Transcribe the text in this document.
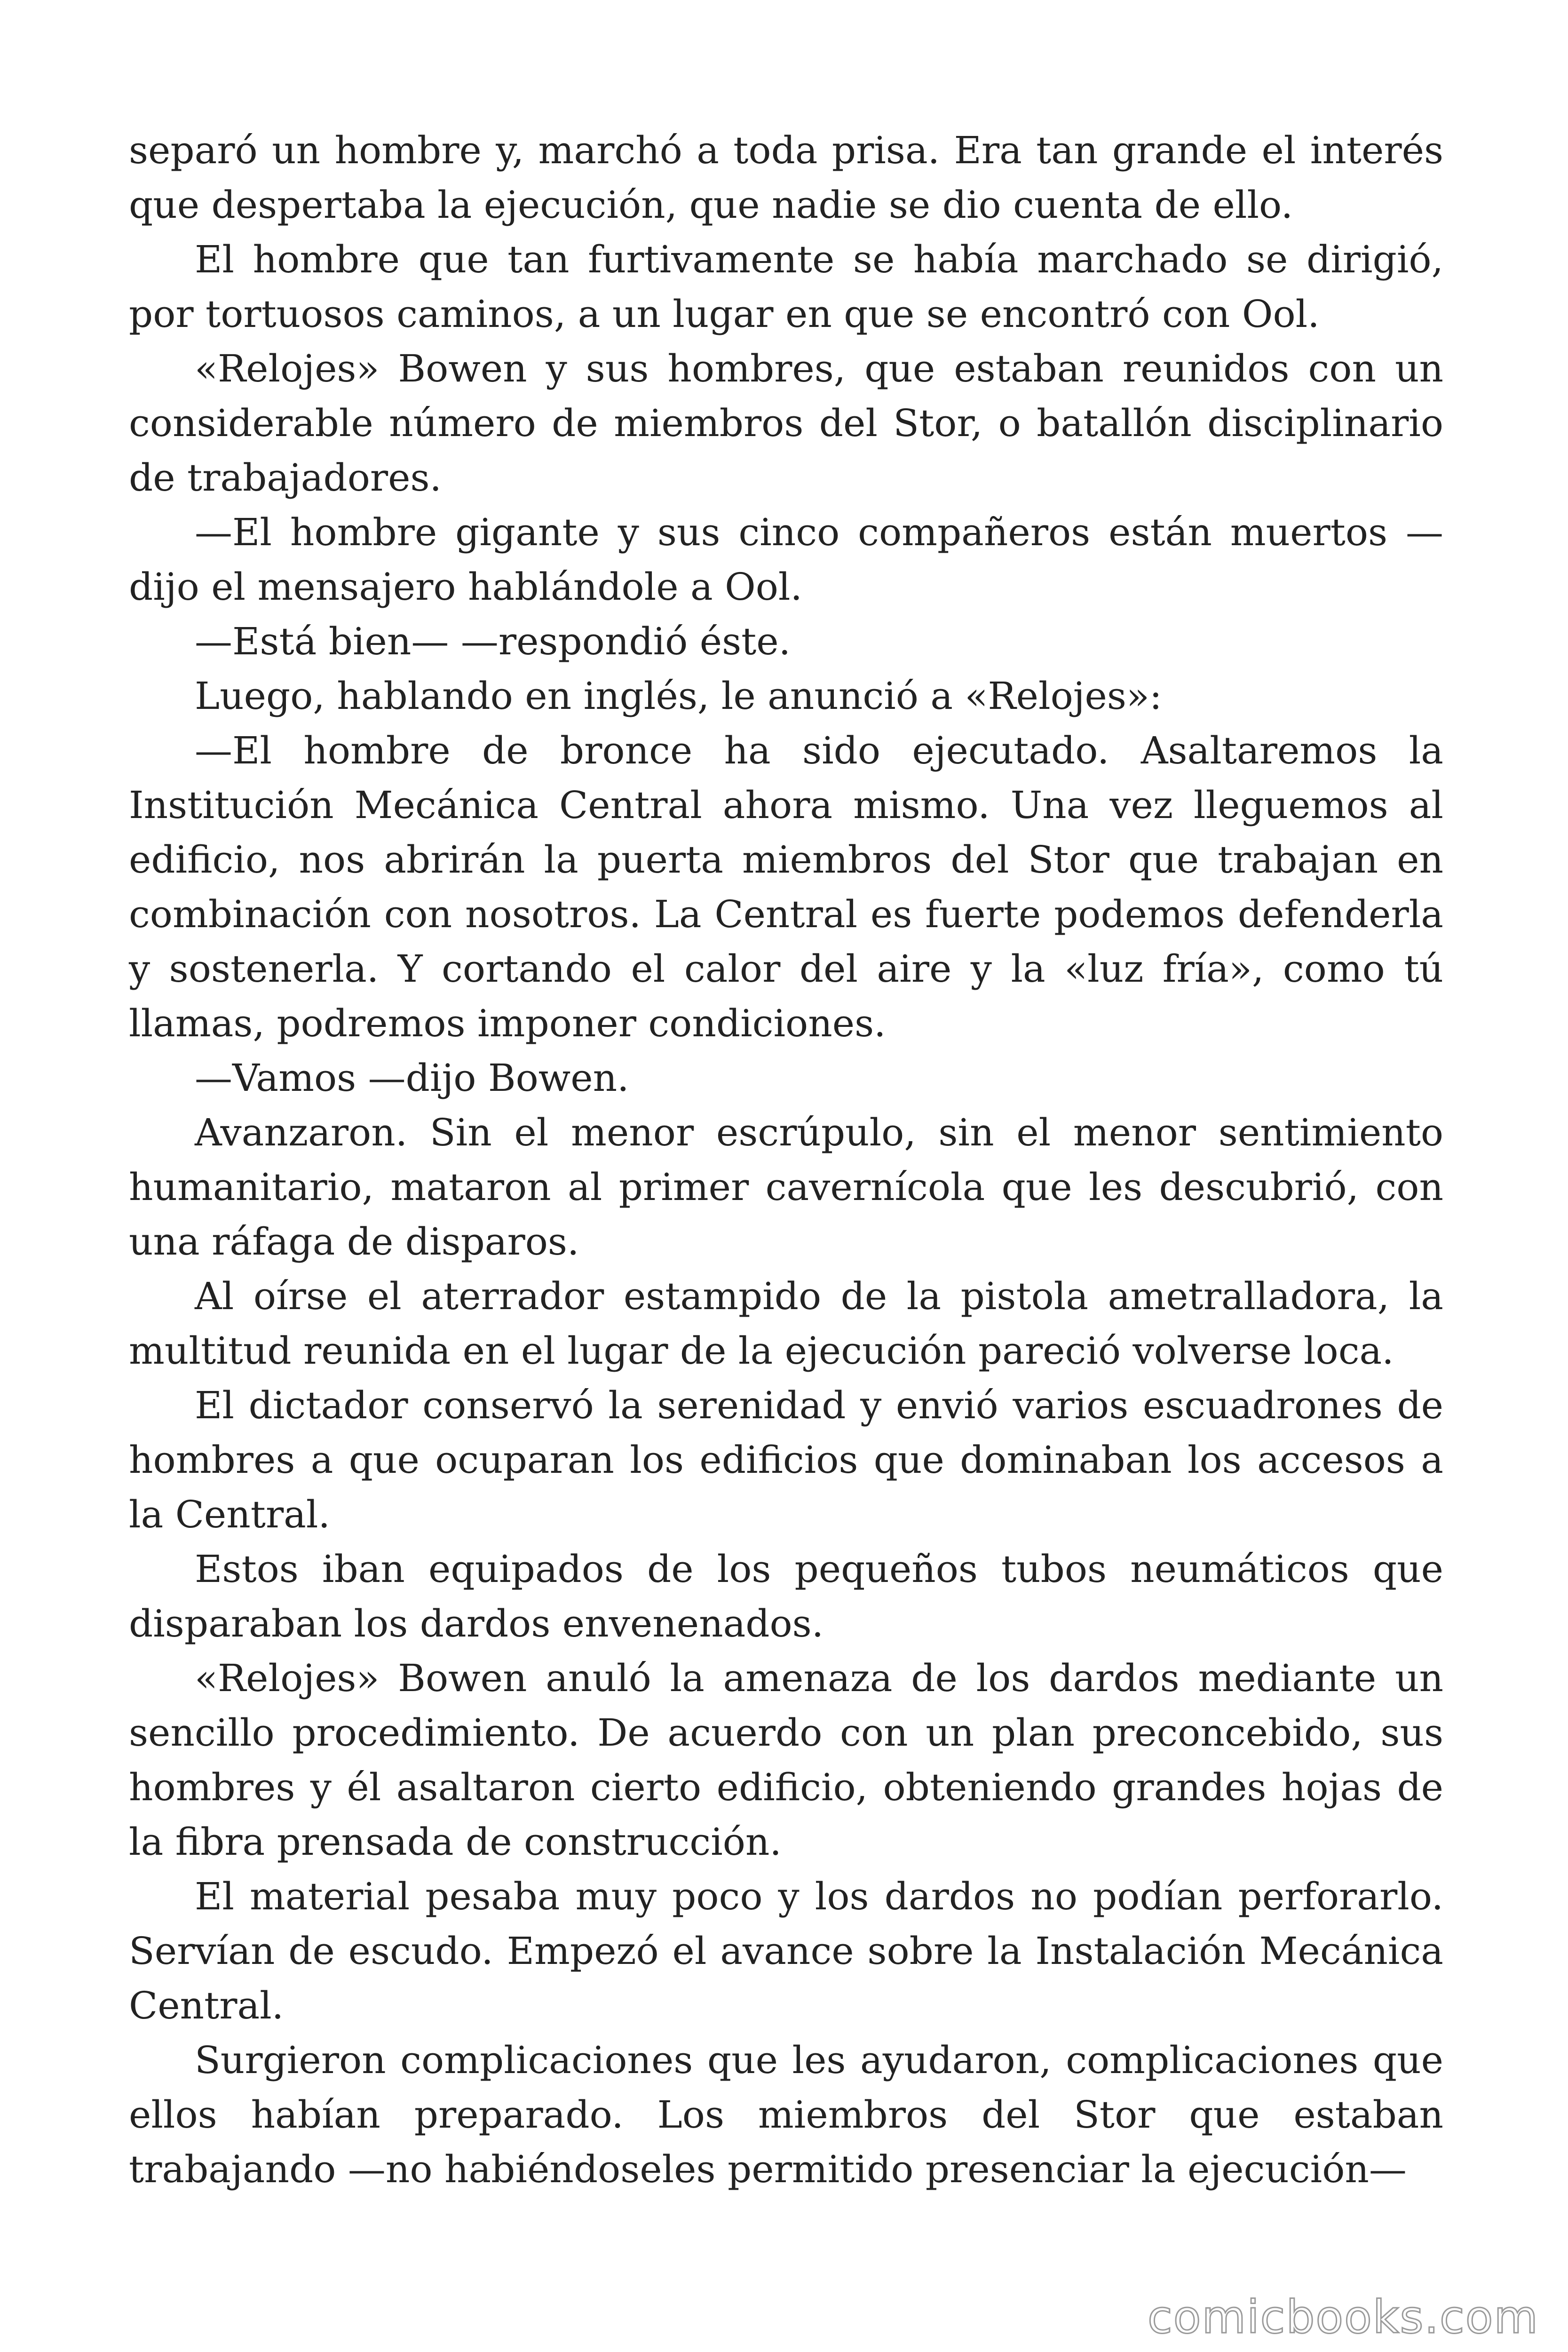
separó un hombre y, marchó a toda prisa. Era tan grande el interés que despertaba la ejecución, que nadie se dio cuenta de ello.

El hombre que tan furtivamente se había marchado se dirigió, por tortuosos caminos, a un lugar en que se encontró con Ool.

«Relojes» Bowen y sus hombres, que estaban reunidos con un considerable número de miembros del Stor, o batallón disciplinario de trabajadores.

—El hombre gigante y sus cinco compañeros están muertos —dijo el mensajero hablándole a Ool.

—Está bien— —respondió éste.

Luego, hablando en inglés, le anunció a «Relojes»:

—El hombre de bronce ha sido ejecutado. Asaltaremos la Institución Mecánica Central ahora mismo. Una vez lleguemos al edificio, nos abrirán la puerta miembros del Stor que trabajan en combinación con nosotros. La Central es fuerte podemos defenderla y sostenerla. Y cortando el calor del aire y la «luz fría», como tú llamas, podremos imponer condiciones.

—Vamos —dijo Bowen.

Avanzaron. Sin el menor escrúpulo, sin el menor sentimiento humanitario, mataron al primer cavernícola que les descubrió, con una ráfaga de disparos.

Al oírse el aterrador estampido de la pistola ametralladora, la multitud reunida en el lugar de la ejecución pareció volverse loca.

El dictador conservó la serenidad y envió varios escuadrones de hombres a que ocuparan los edificios que dominaban los accesos a la Central.

Estos iban equipados de los pequeños tubos neumáticos que disparaban los dardos envenenados.

«Relojes» Bowen anuló la amenaza de los dardos mediante un sencillo procedimiento. De acuerdo con un plan preconcebido, sus hombres y él asaltaron cierto edificio, obteniendo grandes hojas de la fibra prensada de construcción.

El material pesaba muy poco y los dardos no podían perforarlo. Servían de escudo. Empezó el avance sobre la Instalación Mecánica Central.

Surgieron complicaciones que les ayudaron, complicaciones que ellos habían preparado. Los miembros del Stor que estaban trabajando —no habiéndoseles permitido presenciar la ejecución—

comicbooks.com
